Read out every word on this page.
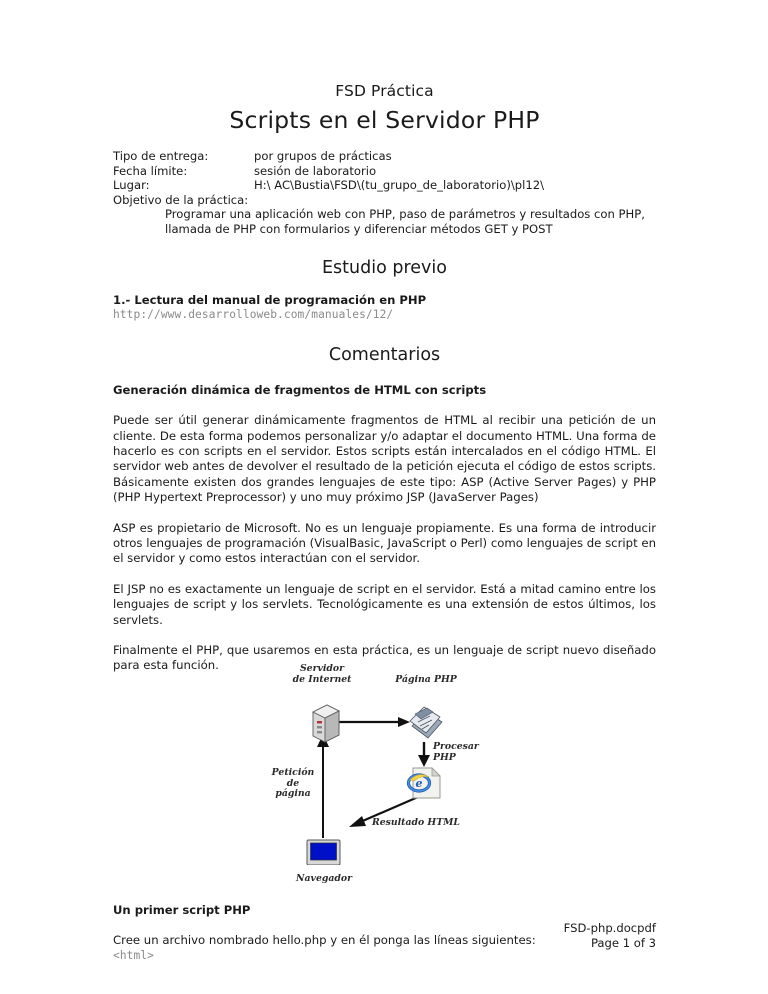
FSD Práctica
Scripts en el Servidor PHP
Tipo de entrega:	por grupos de prácticas
Fecha límite:	sesión de laboratorio
Lugar:	H:\ AC\Bustia\FSD\(tu_grupo_de_laboratorio)\pl12\
Objetivo de la práctica:
Programar una aplicación web con PHP, paso de parámetros y resultados con PHP,
llamada de PHP con formularios y diferenciar métodos GET y POST
Estudio previo
1.- Lectura del manual de programación en PHP
http://www.desarrolloweb.com/manuales/12/
Comentarios
Generación dinámica de fragmentos de HTML con scripts

Puede ser útil generar dinámicamente fragmentos de HTML al recibir una petición de un cliente. De esta forma podemos personalizar y/o adaptar el documento HTML. Una forma de hacerlo es con scripts en el servidor. Estos scripts están intercalados en el código HTML. El servidor web antes de devolver el resultado de la petición ejecuta el código de estos scripts. Básicamente existen dos grandes lenguajes de este tipo: ASP (Active Server Pages) y PHP (PHP Hypertext Preprocessor) y uno muy próximo JSP (JavaServer Pages)

ASP es propietario de Microsoft. No es un lenguaje propiamente. Es una forma de introducir otros lenguajes de programación (VisualBasic, JavaScript o Perl) como lenguajes de script en el servidor y como estos interactúan con el servidor.

El JSP no es exactamente un lenguaje de script en el servidor. Está a mitad camino entre los lenguajes de script y los servlets. Tecnológicamente es una extensión de estos últimos, los servlets.

Finalmente el PHP, que usaremos en esta práctica, es un lenguaje de script nuevo diseñado para esta función.

e
Servidor
de Internet	Página PHP
Procesar
PHP
Petición
de
página
Resultado HTML
Navegador
Un primer script PHP

Cree un archivo nombrado hello.php y en él ponga las líneas siguientes:

<html>
FSD-php.docpdf
Page 1 of 3
